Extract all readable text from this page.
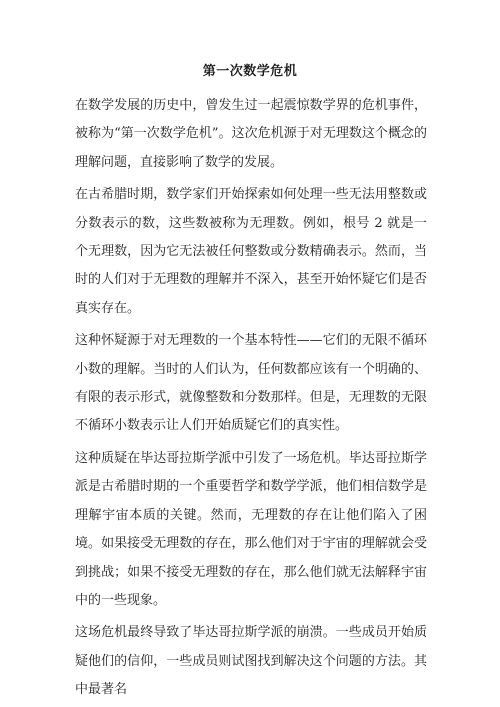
第一次数学危机

在数学发展的历史中，曾发生过一起震惊数学界的危机事件，被称为“第一次数学危机”。这次危机源于对无理数这个概念的理解问题，直接影响了数学的发展。

在古希腊时期，数学家们开始探索如何处理一些无法用整数或分数表示的数，这些数被称为无理数。例如，根号 2 就是一个无理数，因为它无法被任何整数或分数精确表示。然而，当时的人们对于无理数的理解并不深入，甚至开始怀疑它们是否真实存在。

这种怀疑源于对无理数的一个基本特性——它们的无限不循环小数的理解。当时的人们认为，任何数都应该有一个明确的、有限的表示形式，就像整数和分数那样。但是，无理数的无限不循环小数表示让人们开始质疑它们的真实性。

这种质疑在毕达哥拉斯学派中引发了一场危机。毕达哥拉斯学派是古希腊时期的一个重要哲学和数学学派，他们相信数学是理解宇宙本质的关键。然而，无理数的存在让他们陷入了困境。如果接受无理数的存在，那么他们对于宇宙的理解就会受到挑战；如果不接受无理数的存在，那么他们就无法解释宇宙中的一些现象。

这场危机最终导致了毕达哥拉斯学派的崩溃。一些成员开始质疑他们的信仰，一些成员则试图找到解决这个问题的方法。其中最著名
